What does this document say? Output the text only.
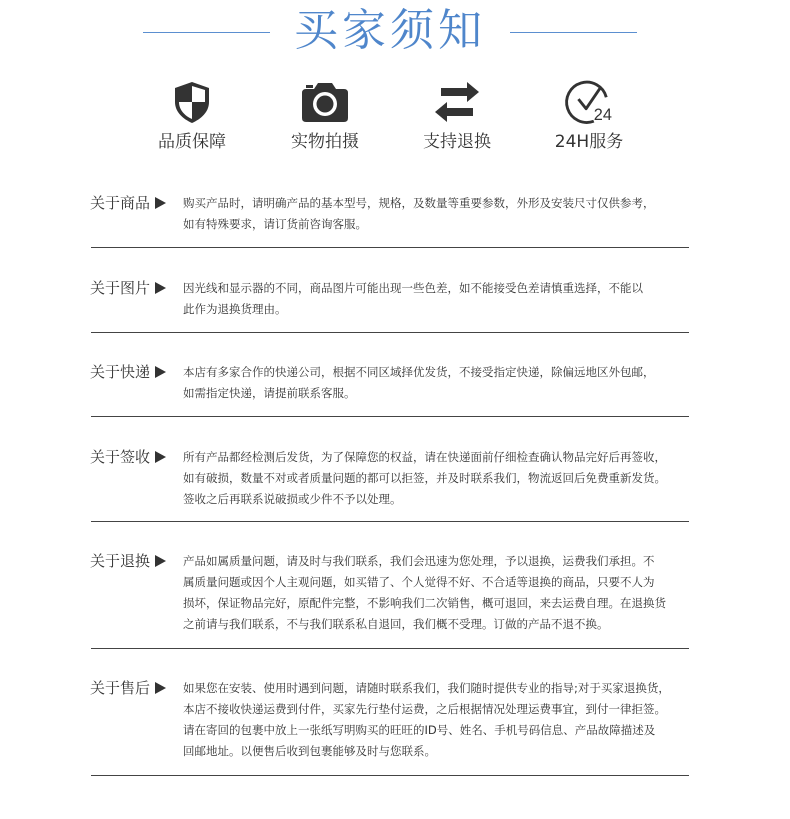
买家须知
品质保障	实物拍摄	支持退换
24
24H服务
关于商品	购买产品时，请明确产品的基本型号，规格，及数量等重要参数，外形及安装尺寸仅供参考，
如有特殊要求，请订货前咨询客服。
关于图片	因光线和显示器的不同，商品图片可能出现一些色差，如不能接受色差请慎重选择，不能以
此作为退换货理由。
关于快递	本店有多家合作的快递公司，根据不同区域择优发货，不接受指定快递，除偏远地区外包邮，
如需指定快递，请提前联系客服。
关于签收	所有产品都经检测后发货，为了保障您的权益，请在快递面前仔细检查确认物品完好后再签收，
如有破损，数量不对或者质量问题的都可以拒签，并及时联系我们，物流返回后免费重新发货。
签收之后再联系说破损或少件不予以处理。
关于退换	产品如属质量问题，请及时与我们联系，我们会迅速为您处理，予以退换，运费我们承担。不
属质量问题或因个人主观问题，如买错了、个人觉得不好、不合适等退换的商品，只要不人为
损坏，保证物品完好，原配件完整，不影响我们二次销售，概可退回，来去运费自理。在退换货
之前请与我们联系，不与我们联系私自退回，我们概不受理。订做的产品不退不换。
关于售后	如果您在安装、使用时遇到问题，请随时联系我们，我们随时提供专业的指导;对于买家退换货，
本店不接收快递运费到付件，买家先行垫付运费，之后根据情况处理运费事宜，到付一律拒签。
请在寄回的包裹中放上一张纸写明购买的旺旺的ID号、姓名、手机号码信息、产品故障描述及
回邮地址。以便售后收到包裹能够及时与您联系。
